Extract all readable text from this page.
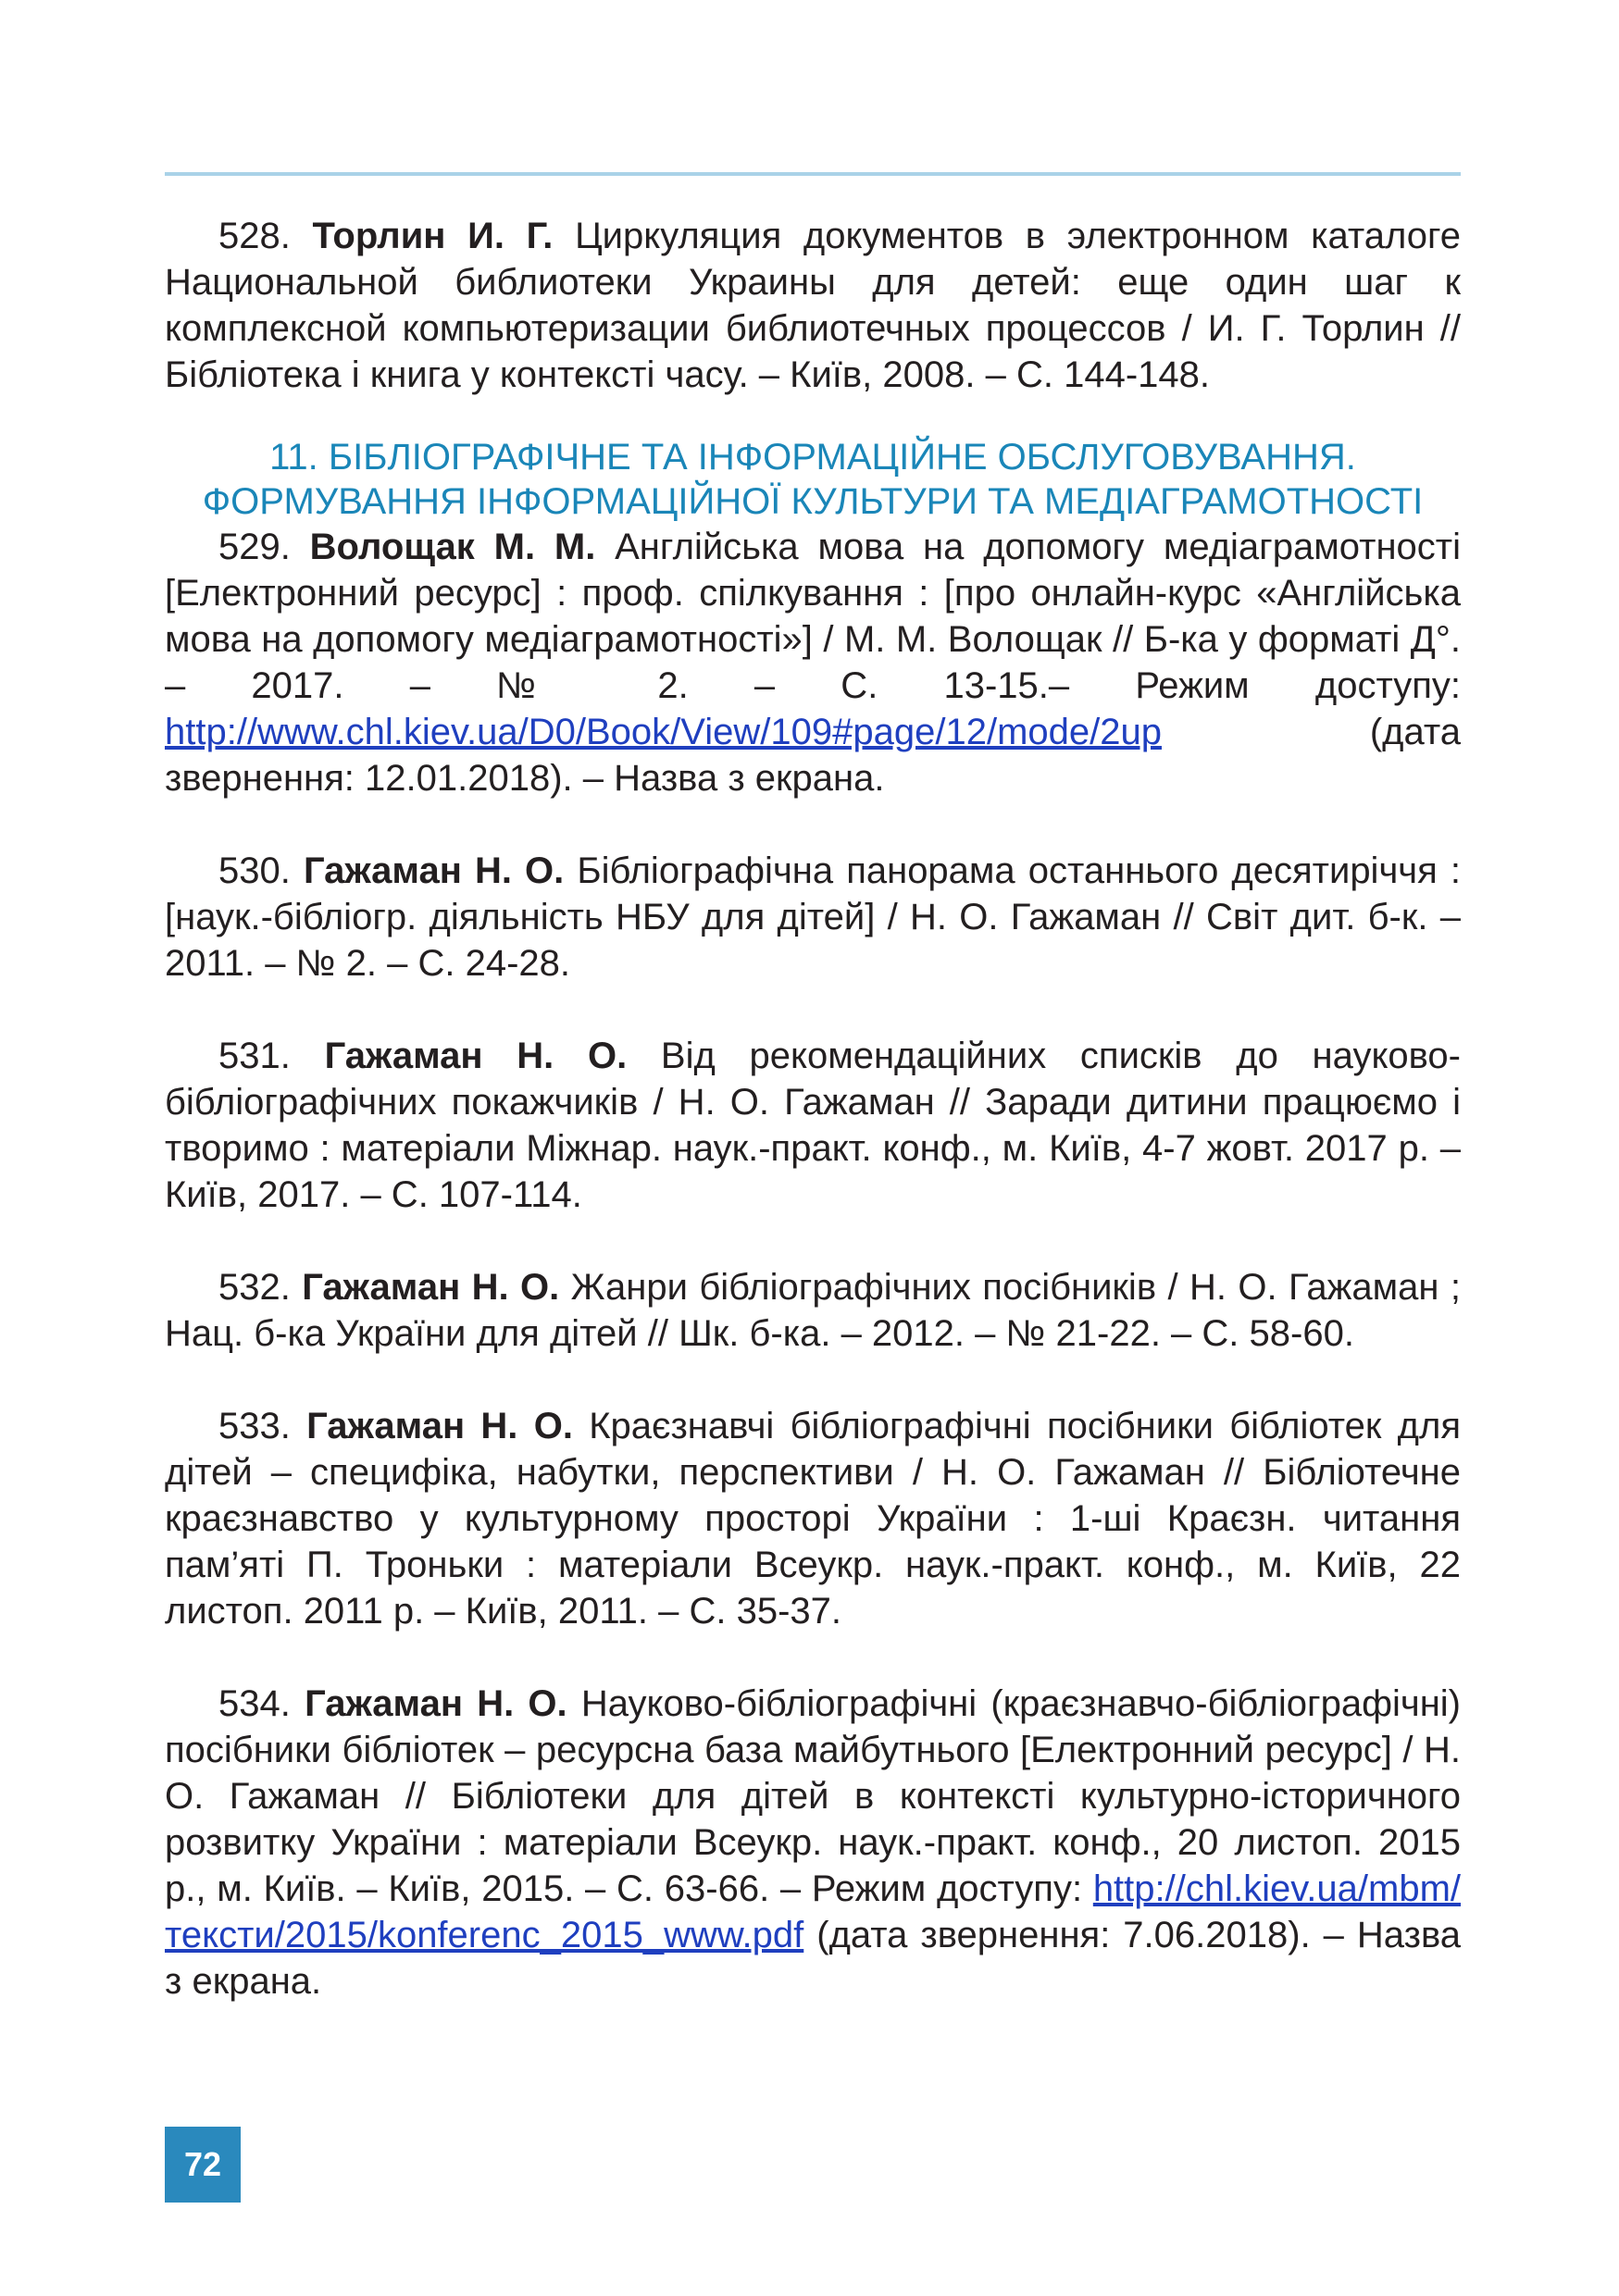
528. Торлин И. Г. Циркуляция документов в электронном каталоге Национальной библиотеки Украины для детей: еще один шаг к комплексной компьютеризации библиотечных процессов / И. Г. Торлин // Бібліотека і книга у контексті часу. – Київ, 2008. – С. 144-148.

11. БІБЛІОГРАФІЧНЕ ТА ІНФОРМАЦІЙНЕ ОБСЛУГОВУВАННЯ.
ФОРМУВАННЯ ІНФОРМАЦІЙНОЇ КУЛЬТУРИ ТА МЕДІАГРАМОТНОСТІ

529. Волощак М. М. Англійська мова на допомогу медіаграмотності [Електронний ресурс] : проф. спілкування : [про онлайн-курс «Англійська мова на допомогу медіаграмотності»] / М. М. Волощак // Б-ка у форматі Д°. – 2017. – № 2. – С. 13-15.– Режим доступу: http://www.chl.kiev.ua/D0/Book/View/109#page/12/mode/2up (дата звернення: 12.01.2018). – Назва з екрана.

530. Гажаман Н. О. Бібліографічна панорама останнього десятиріччя : [наук.-бібліогр. діяльність НБУ для дітей] / Н. О. Гажаман // Світ дит. б-к. – 2011. – № 2. – С. 24-28.

531. Гажаман Н. О. Від рекомендаційних списків до науково-бібліографічних покажчиків / Н. О. Гажаман // Заради дитини працюємо і творимо : матеріали Міжнар. наук.-практ. конф., м. Київ, 4-7 жовт. 2017 р. – Київ, 2017. – С. 107-114.

532. Гажаман Н. О. Жанри бібліографічних посібників / Н. О. Гажаман ; Нац. б-ка України для дітей // Шк. б-ка. – 2012. – № 21-22. – С. 58-60.

533. Гажаман Н. О. Краєзнавчі бібліографічні посібники бібліотек для дітей – специфіка, набутки, перспективи / Н. О. Гажаман // Бібліотечне краєзнавство у культурному просторі України : 1-ші Краєзн. читання пам’яті П. Троньки : матеріали Всеукр. наук.-практ. конф., м. Київ, 22 листоп. 2011 р. – Київ, 2011. – С. 35-37.

534. Гажаман Н. О. Науково-бібліографічні (краєзнавчо-бібліографічні) посібники бібліотек – ресурсна база майбутнього [Електронний ресурс] / Н. О. Гажаман // Бібліотеки для дітей в контексті культурно-історичного розвитку України : матеріали Всеукр. наук.-практ. конф., 20 листоп. 2015 р., м. Київ. – Київ, 2015. – С. 63-66. – Режим доступу: http://chl.kiev.ua/mbm/тексти/2015/konferenc_2015_www.pdf (дата звернення: 7.06.2018). – Назва з екрана.

72
